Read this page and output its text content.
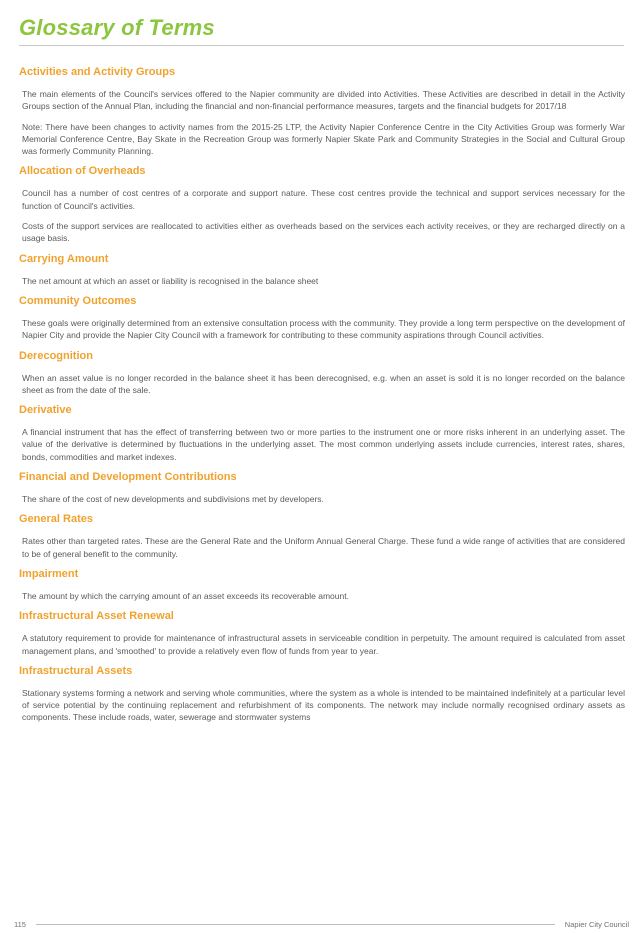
Glossary of Terms
Activities and Activity Groups

The main elements of the Council's services offered to the Napier community are divided into Activities. These Activities are described in detail in the Activity Groups section of the Annual Plan, including the financial and non-financial performance measures, targets and the financial budgets for 2017/18

Note: There have been changes to activity names from the 2015-25 LTP, the Activity Napier Conference Centre in the City Activities Group was formerly War Memorial Conference Centre, Bay Skate in the Recreation Group was formerly Napier Skate Park and Community Strategies in the Social and Cultural Group was formerly Community Planning.

Allocation of Overheads

Council has a number of cost centres of a corporate and support nature. These cost centres provide the technical and support services necessary for the function of Council's activities.

Costs of the support services are reallocated to activities either as overheads based on the services each activity receives, or they are recharged directly on a usage basis.

Carrying Amount

The net amount at which an asset or liability is recognised in the balance sheet

Community Outcomes

These goals were originally determined from an extensive consultation process with the community. They provide a long term perspective on the development of Napier City and provide the Napier City Council with a framework for contributing to these community aspirations through Council activities.

Derecognition

When an asset value is no longer recorded in the balance sheet it has been derecognised, e.g. when an asset is sold it is no longer recorded on the balance sheet as from the date of the sale.

Derivative

A financial instrument that has the effect of transferring between two or more parties to the instrument one or more risks inherent in an underlying asset. The value of the derivative is determined by fluctuations in the underlying asset. The most common underlying assets include currencies, interest rates, shares, bonds, commodities and market indexes.

Financial and Development Contributions

The share of the cost of new developments and subdivisions met by developers.

General Rates

Rates other than targeted rates. These are the General Rate and the Uniform Annual General Charge. These fund a wide range of activities that are considered to be of general benefit to the community.

Impairment

The amount by which the carrying amount of an asset exceeds its recoverable amount.

Infrastructural Asset Renewal

A statutory requirement to provide for maintenance of infrastructural assets in serviceable condition in perpetuity. The amount required is calculated from asset management plans, and 'smoothed' to provide a relatively even flow of funds from year to year.

Infrastructural Assets

Stationary systems forming a network and serving whole communities, where the system as a whole is intended to be maintained indefinitely at a particular level of service potential by the continuing replacement and refurbishment of its components. The network may include normally recognised ordinary assets as components. These include roads, water, sewerage and stormwater systems

115	Napier City Council
